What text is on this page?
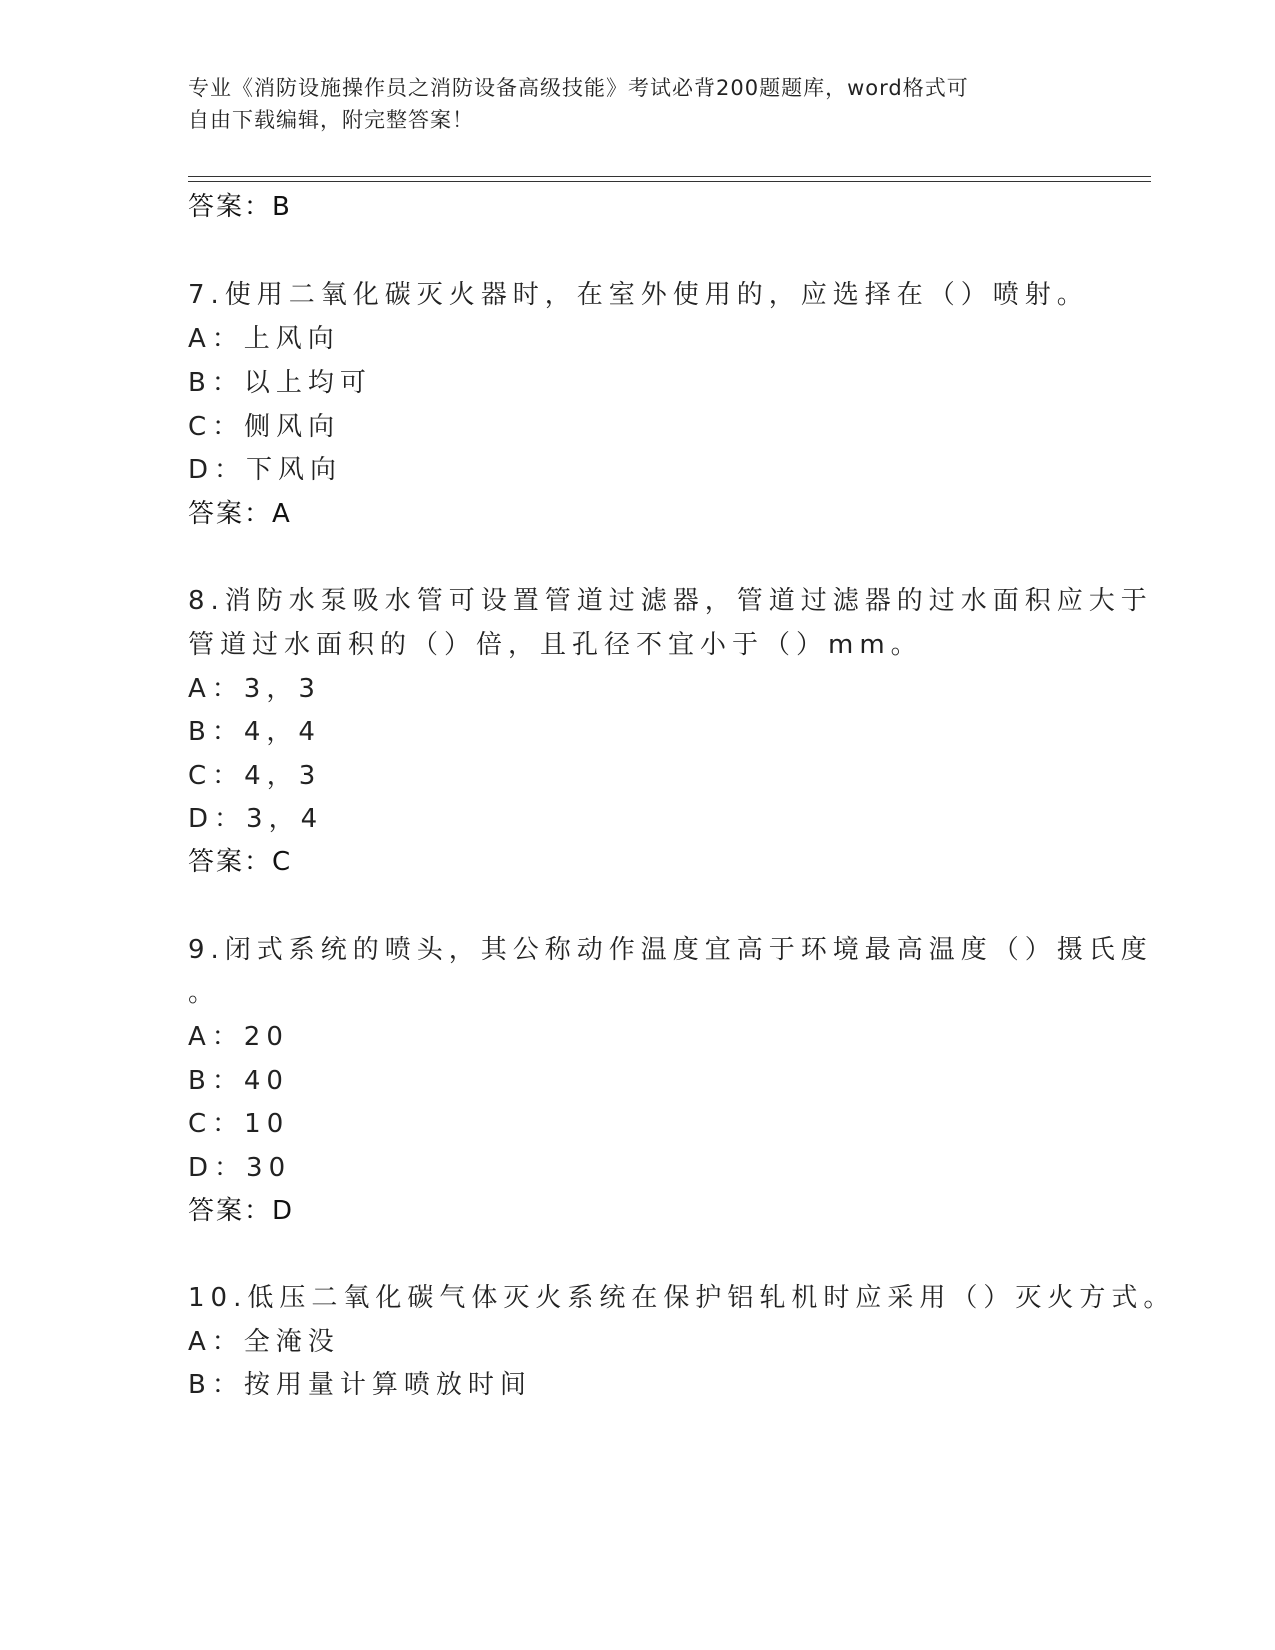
专业《消防设施操作员之消防设备高级技能》考试必背200题题库，word格式可
自由下载编辑，附完整答案！
答案：B
7.使用二氧化碳灭火器时，在室外使用的，应选择在（）喷射。
A：上风向
B：以上均可
C：侧风向
D：下风向
答案：A
8.消防水泵吸水管可设置管道过滤器，管道过滤器的过水面积应大于
管道过水面积的（）倍，且孔径不宜小于（）mm。
A：3，3
B：4，4
C：4，3
D：3，4
答案：C
9.闭式系统的喷头，其公称动作温度宜高于环境最高温度（）摄氏度
。
A：20
B：40
C：10
D：30
答案：D
10.低压二氧化碳气体灭火系统在保护铝轧机时应采用（）灭火方式。
A：全淹没
B：按用量计算喷放时间
